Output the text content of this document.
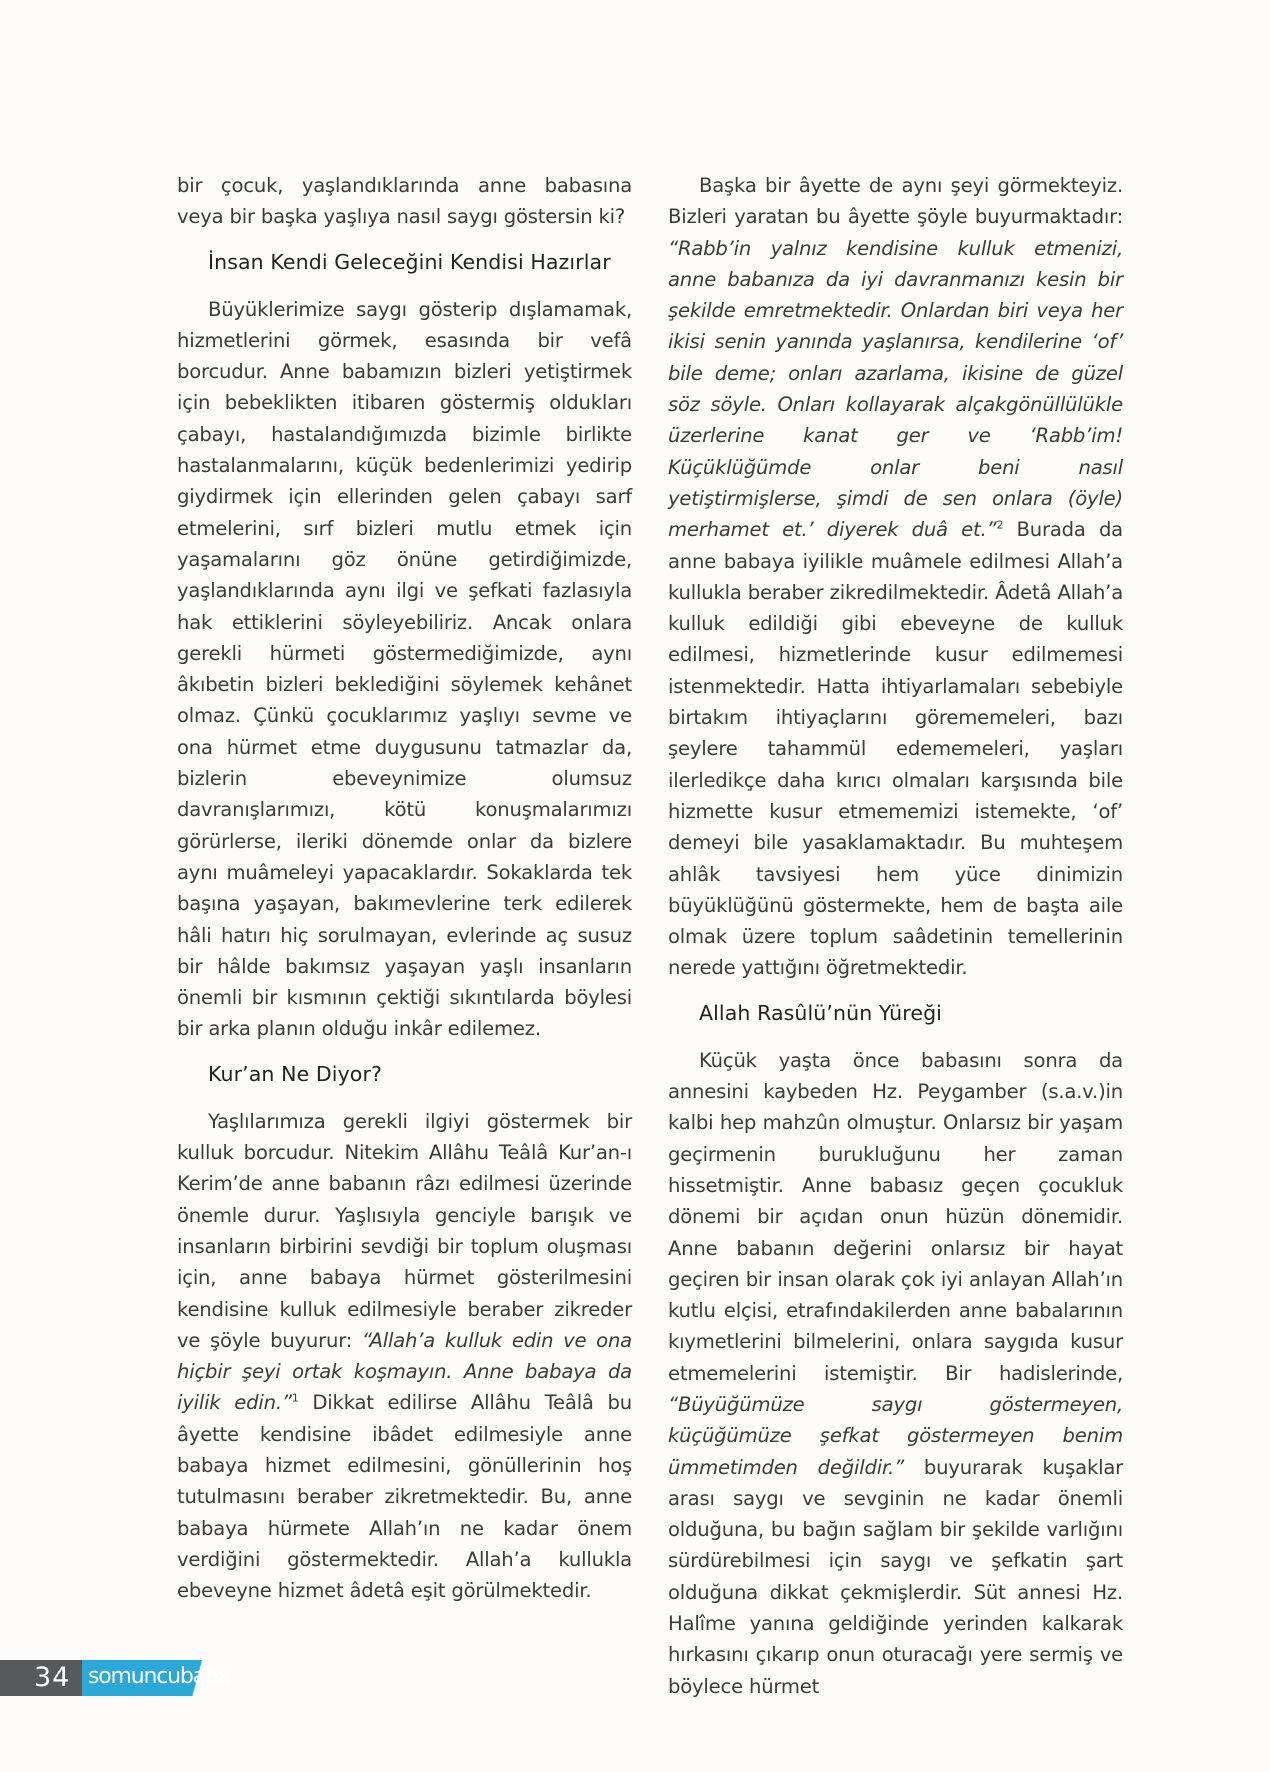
bir çocuk, yaşlandıklarında anne babasına veya bir başka yaşlıya nasıl saygı göstersin ki?

İnsan Kendi Geleceğini Kendisi Hazırlar

Büyüklerimize saygı gösterip dışlamamak, hizmetlerini görmek, esasında bir vefâ borcudur. Anne babamızın bizleri yetiştirmek için bebeklikten itibaren göstermiş oldukları çabayı, hastalandığımızda bizimle birlikte hastalanmalarını, küçük bedenlerimizi yedirip giydirmek için ellerinden gelen çabayı sarf etmelerini, sırf bizleri mutlu etmek için yaşamalarını göz önüne getirdiğimizde, yaşlandıklarında aynı ilgi ve şefkati fazlasıyla hak ettiklerini söyleyebiliriz. Ancak onlara gerekli hürmeti göstermediğimizde, aynı âkıbetin bizleri beklediğini söylemek kehânet olmaz. Çünkü çocuklarımız yaşlıyı sevme ve ona hürmet etme duygusunu tatmazlar da, bizlerin ebeveynimize olumsuz davranışlarımızı, kötü konuşmalarımızı görürlerse, ileriki dönemde onlar da bizlere aynı muâmeleyi yapacaklardır. Sokaklarda tek başına yaşayan, bakımevlerine terk edilerek hâli hatırı hiç sorulmayan, evlerinde aç susuz bir hâlde bakımsız yaşayan yaşlı insanların önemli bir kısmının çektiği sıkıntılarda böylesi bir arka planın olduğu inkâr edilemez.

Kur’an Ne Diyor?

Yaşlılarımıza gerekli ilgiyi göstermek bir kulluk borcudur. Nitekim Allâhu Teâlâ Kur’an-ı Kerim’de anne babanın râzı edilmesi üzerinde önemle durur. Yaşlısıyla genciyle barışık ve insanların birbirini sevdiği bir toplum oluşması için, anne babaya hürmet gösterilmesini kendisine kulluk edilmesiyle beraber zikreder ve şöyle buyurur: “Allah’a kulluk edin ve ona hiçbir şeyi ortak koşmayın. Anne babaya da iyilik edin.”$^1$ Dikkat edilirse Allâhu Teâlâ bu âyette kendisine ibâdet edilmesiyle anne babaya hizmet edilmesini, gönüllerinin hoş tutulmasını beraber zikretmektedir. Bu, anne babaya hürmete Allah’ın ne kadar önem verdiğini göstermektedir. Allah’a kullukla ebeveyne hizmet âdetâ eşit görülmektedir.

Başka bir âyette de aynı şeyi görmekteyiz. Bizleri yaratan bu âyette şöyle buyurmaktadır: “Rabb’in yalnız kendisine kulluk etmenizi, anne babanıza da iyi davranmanızı kesin bir şekilde emretmektedir. Onlardan biri veya her ikisi senin yanında yaşlanırsa, kendilerine ‘of’ bile deme; onları azarlama, ikisine de güzel söz söyle. Onları kollayarak alçakgönüllülükle üzerlerine kanat ger ve ‘Rabb’im! Küçüklüğümde onlar beni nasıl yetiştirmişlerse, şimdi de sen onlara (öyle) merhamet et.’ diyerek duâ et.”$^2$ Burada da anne babaya iyilikle muâmele edilmesi Allah’a kullukla beraber zikredilmektedir. Âdetâ Allah’a kulluk edildiği gibi ebeveyne de kulluk edilmesi, hizmetlerinde kusur edilmemesi istenmektedir. Hatta ihtiyarlamaları sebebiyle birtakım ihtiyaçlarını görememeleri, bazı şeylere tahammül edememeleri, yaşları ilerledikçe daha kırıcı olmaları karşısında bile hizmette kusur etmememizi istemekte, ‘of’ demeyi bile yasaklamaktadır. Bu muhteşem ahlâk tavsiyesi hem yüce dinimizin büyüklüğünü göstermekte, hem de başta aile olmak üzere toplum saâdetinin temellerinin nerede yattığını öğretmektedir.

Allah Rasûlü’nün Yüreği

Küçük yaşta önce babasını sonra da annesini kaybeden Hz. Peygamber (s.a.v.)in kalbi hep mahzûn olmuştur. Onlarsız bir yaşam geçirmenin burukluğunu her zaman hissetmiştir. Anne babasız geçen çocukluk dönemi bir açıdan onun hüzün dönemidir. Anne babanın değerini onlarsız bir hayat geçiren bir insan olarak çok iyi anlayan Allah’ın kutlu elçisi, etrafındakilerden anne babalarının kıymetlerini bilmelerini, onlara saygıda kusur etmemelerini istemiştir. Bir hadislerinde, “Büyüğümüze saygı göstermeyen, küçüğümüze şefkat göstermeyen benim ümmetimden değildir.” buyurarak kuşaklar arası saygı ve sevginin ne kadar önemli olduğuna, bu bağın sağlam bir şekilde varlığını sürdürebilmesi için saygı ve şefkatin şart olduğuna dikkat çekmişlerdir. Süt annesi Hz. Halîme yanına geldiğinde yerinden kalkarak hırkasını çıkarıp onun oturacağı yere sermiş ve böylece hürmet

34 somuncubaba
